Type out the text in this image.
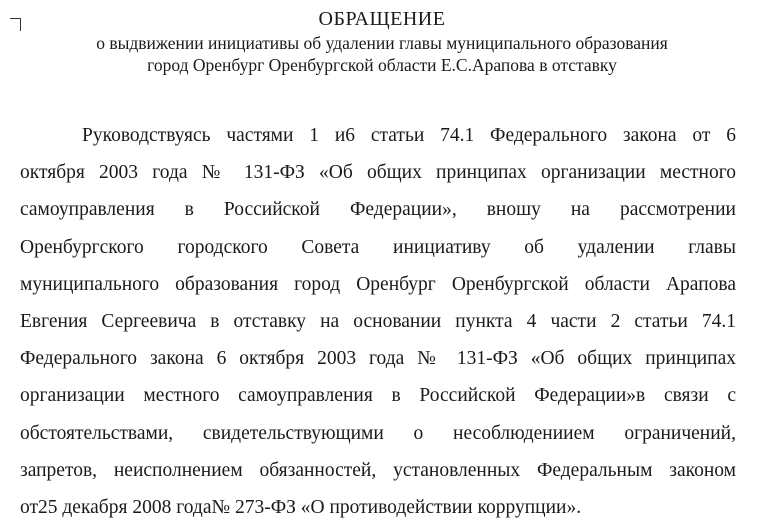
ОБРАЩЕНИЕ
о выдвижении инициативы об удалении главы муниципального образования
город Оренбург Оренбургской области Е.С.Арапова в отставку
Руководствуясь частями 1 и6 статьи 74.1 Федерального закона от 6
октября 2003 года № 131-ФЗ «Об общих принципах организации местного
самоуправления в Российской Федерации», вношу на рассмотрении
Оренбургского городского Совета инициативу об удалении главы
муниципального образования город Оренбург Оренбургской области Арапова
Евгения Сергеевича в отставку на основании пункта 4 части 2 статьи 74.1
Федерального закона 6 октября 2003 года № 131-ФЗ «Об общих принципах
организации местного самоуправления в Российской Федерации»в связи с
обстоятельствами, свидетельствующими о несоблюдениием ограничений,
запретов, неисполнением обязанностей, установленных Федеральным законом
от25 декабря 2008 года№ 273-ФЗ «О противодействии коррупции».
